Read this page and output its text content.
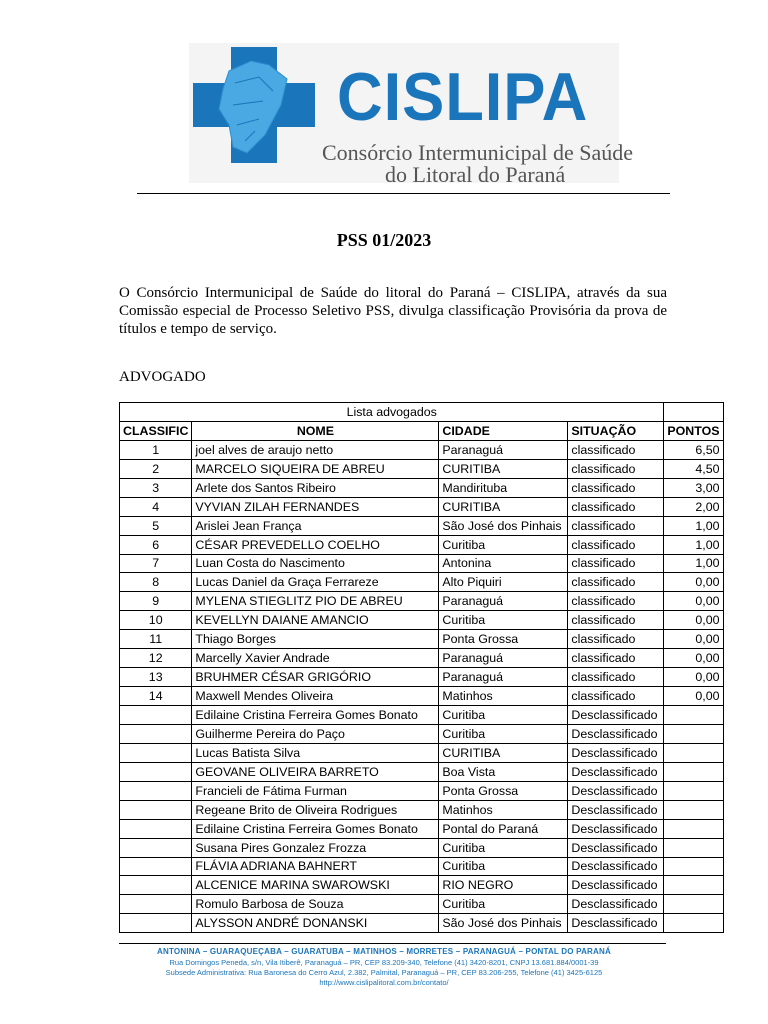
CISLIPA
Consórcio Intermunicipal de Saúde
do Litoral do Paraná
PSS 01/2023
O Consórcio Intermunicipal de Saúde do litoral do Paraná – CISLIPA, através da sua Comissão especial de Processo Seletivo PSS, divulga classificação Provisória da prova de títulos e tempo de serviço.
ADVOGADO
Lista advogados				
CLASSIFIC	NOME	CIDADE	SITUAÇÃO	PONTOS
1	joel alves de araujo netto	Paranaguá	classificado	6,50
2	MARCELO SIQUEIRA DE ABREU	CURITIBA	classificado	4,50
3	Arlete dos Santos Ribeiro	Mandirituba	classificado	3,00
4	VYVIAN ZILAH FERNANDES	CURITIBA	classificado	2,00
5	Arislei Jean França	São José dos Pinhais	classificado	1,00
6	CÉSAR PREVEDELLO COELHO	Curitiba	classificado	1,00
7	Luan Costa do Nascimento	Antonina	classificado	1,00
8	Lucas Daniel da Graça Ferrareze	Alto Piquiri	classificado	0,00
9	MYLENA STIEGLITZ PIO DE ABREU	Paranaguá	classificado	0,00
10	KEVELLYN DAIANE AMANCIO	Curitiba	classificado	0,00
11	Thiago Borges	Ponta Grossa	classificado	0,00
12	Marcelly Xavier Andrade	Paranaguá	classificado	0,00
13	BRUHMER CÉSAR GRIGÓRIO	Paranaguá	classificado	0,00
14	Maxwell Mendes Oliveira	Matinhos	classificado	0,00
	Edilaine Cristina Ferreira Gomes Bonato	Curitiba	Desclassificado	
	Guilherme Pereira do Paço	Curitiba	Desclassificado	
	Lucas Batista Silva	CURITIBA	Desclassificado	
	GEOVANE OLIVEIRA BARRETO	Boa Vista	Desclassificado	
	Francieli de Fátima Furman	Ponta Grossa	Desclassificado	
	Regeane Brito de Oliveira Rodrigues	Matinhos	Desclassificado	
	Edilaine Cristina Ferreira Gomes Bonato	Pontal do Paraná	Desclassificado	
	Susana Pires Gonzalez Frozza	Curitiba	Desclassificado	
	FLÁVIA ADRIANA BAHNERT	Curitiba	Desclassificado	
	ALCENICE MARINA SWAROWSKI	RIO NEGRO	Desclassificado	
	Romulo Barbosa de Souza	Curitiba	Desclassificado	
	ALYSSON ANDRÉ DONANSKI	São José dos Pinhais	Desclassificado	
ANTONINA – GUARAQUEÇABA – GUARATUBA – MATINHOS – MORRETES – PARANAGUÁ – PONTAL DO PARANÁ
Rua Domingos Peneda, s/n, Vila Itiberê, Paranaguá – PR, CEP 83.209-340, Telefone (41) 3420-8201, CNPJ 13.681.884/0001-39
Subsede Administrativa: Rua Baronesa do Cerro Azul, 2.382, Palmital, Paranaguá – PR, CEP 83.206-255, Telefone (41) 3425-6125
http://www.cislipalitoral.com.br/contato/
